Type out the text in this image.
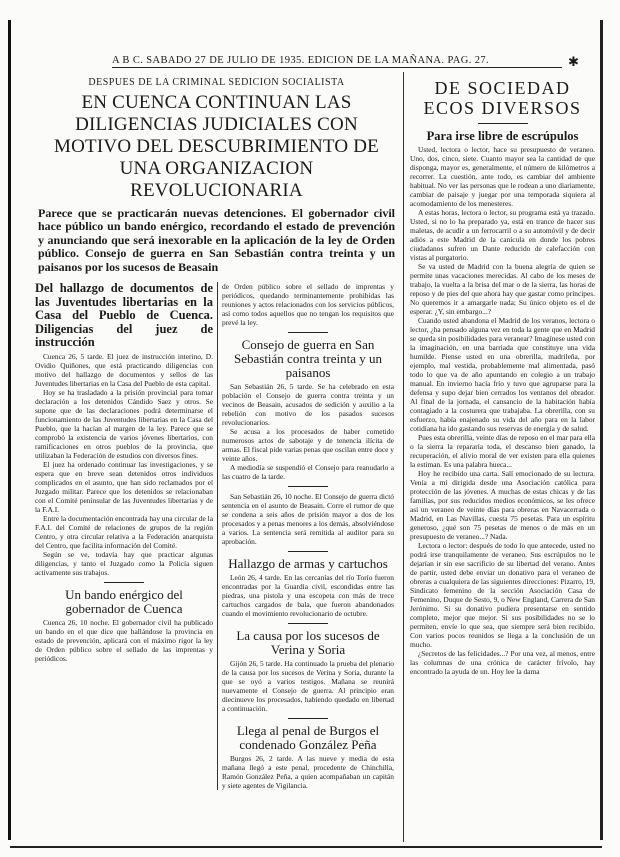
A B C. SABADO 27 DE JULIO DE 1935. EDICION DE LA MAÑANA. PAG. 27.	✱
DESPUES DE LA CRIMINAL SEDICION SOCIALISTA
EN CUENCA CONTINUAN LAS DILIGENCIAS JUDICIALES CON MOTIVO DEL DESCUBRIMIENTO DE UNA ORGANIZACION REVOLUCIONARIA
Parece que se practicarán nuevas detenciones. El gobernador civil hace público un bando enérgico, recordando el estado de prevención y anunciando que será inexorable en la aplicación de la ley de Orden público. Consejo de guerra en San Sebastián contra treinta y un paisanos por los sucesos de Beasain
Del hallazgo de documentos de las Juventudes libertarias en la Casa del Pueblo de Cuenca. Diligencias del juez de instrucción

Cuenca 26, 5 tarde. El juez de instrucción interino, D. Ovidio Quiñones, que está practicando diligencias con motivo del hallazgo de documentos y sellos de las Juventudes libertarias en la Casa del Pueblo de esta capital.

Hoy se ha trasladado a la prisión provincial para tomar declaración a los detenidos Cándido Saez y otros. Se supone que de las declaraciones podrá determinarse el funcionamiento de las Juventudes libertarias en la Casa del Pueblo, que la hacían al margen de la ley. Parece que se comprobó la existencia de varios jóvenes libertarios, con ramificaciones en otros pueblos de la provincia, que utilizaban la Federación de estudios con diversos fines.

El juez ha ordenado continuar las investigaciones, y se espera que en breve sean detenidos otros individuos complicados en el asunto, que han sido reclamados por el Juzgado militar. Parece que los detenidos se relacionaban con el Comité peninsular de las Juventudes libertarias y de la F.A.I.

Entre la documentación encontrada hay una circular de la F.A.I. del Comité de relaciones de grupos de la región Centro, y otra circular relativa a la Federación anarquista del Centro, que facilita información del Comité.

Según se ve, todavía hay que practicar algunas diligencias, y tanto el Juzgado como la Policía siguen activamente sus trabajos.

Un bando enérgico del gobernador de Cuenca

Cuenca 26, 10 noche. El gobernador civil ha publicado un bando en el que dice que hallándose la provincia en estado de prevención, aplicará con el máximo rigor la ley de Orden público sobre el sellado de las imprentas y periódicos.

de Orden público sobre el sellado de imprentas y periódicos, quedando terminantemente prohibidas las reuniones y actos relacionados con los servicios públicos, así como todos aquellos que no tengan los requisitos que prevé la ley.

Consejo de guerra en San Sebastián contra treinta y un paisanos

San Sebastián 26, 5 tarde. Se ha celebrado en esta población el Consejo de guerra contra treinta y un vecinos de Beasain, acusados de sedición y auxilio a la rebelión con motivo de los pasados sucesos revolucionarios.

Se acusa a los procesados de haber cometido numerosos actos de sabotaje y de tenencia ilícita de armas. El fiscal pide varias penas que oscilan entre doce y veinte años.

A mediodía se suspendió el Consejo para reanudarlo a las cuatro de la tarde.

San Sebastián 26, 10 noche. El Consejo de guerra dictó sentencia en el asunto de Beasain. Corre el rumor de que se condena a seis años de prisión mayor a dos de los procesados y a penas menores a los demás, absolviéndose a varios. La sentencia será remitida al auditor para su aprobación.

Hallazgo de armas y cartuchos

León 26, 4 tarde. En las cercanías del río Torío fueron encontradas por la Guardia civil, escondidas entre las piedras, una pistola y una escopeta con más de trece cartuchos cargados de bala, que fueron abandonados cuando el movimiento revolucionario de octubre.

La causa por los sucesos de Verina y Soria

Gijón 26, 5 tarde. Ha continuado la prueba del plenario de la causa por los sucesos de Verina y Soria, durante la que se oyó a varios testigos. Mañana se reunirá nuevamente el Consejo de guerra. Al principio eran diecinueve los procesados, habiendo quedado en libertad a continuación.

Llega al penal de Burgos el condenado González Peña

Burgos 26, 2 tarde. A las nueve y media de esta mañana llegó a este penal, procedente de Chinchilla, Ramón González Peña, a quien acompañaban un capitán y siete agentes de Vigilancia.

DE SOCIEDAD
ECOS DIVERSOS
Para irse libre de escrúpulos

Usted, lectora o lector, hace su presupuesto de veraneo. Uno, dos, cinco, siete. Cuanto mayor sea la cantidad de que disponga, mayor es, generalmente, el número de kilómetros a recorrer. La cuestión, ante todo, es cambiar del ambiente habitual. No ver las personas que le rodean a uno diariamente, cambiar de paisaje y juegar por una temporada siquiera al acomodamiento de los menesteres.

A estas horas, lectora o lector, su programa está ya trazado. Usted, si no lo ha preparado ya, está en trance de hacer sus maletas, de acudir a un ferrocarril o a su automóvil y de decir adiós a este Madrid de la canícula en donde los pobres ciudadanos sufren un Dante reducido de calefacción con vistas al purgatorio.

Se va usted de Madrid con la buena alegría de quien se permite unas vacaciones merecidas. Al cabo de los meses de trabajo, la vuelta a la brisa del mar o de la sierra, las horas de reposo y de pies del que ahora hay que gastar como príncipes. No queremos ir a amargarle nada; Su único objeto es el de esperar. ¿Y, sin embargo...?

Cuando usted abandona el Madrid de los veranos, lectora o lector, ¿ha pensado alguna vez en toda la gente que en Madrid se queda sin posibilidades para veranear? Imagínese usted con la imaginación, en una barriada que constituye una vida humilde. Piense usted en una obrerilla, madrileña, por ejemplo, mal vestida, probablemente mal alimentada, pasó todo lo que va de año apuntando en colegio a un trabajo manual. En invierno hacía frío y tuvo que agruparse para la defensa y supo dejar bien cerrados los ventanos del obrador. Al final de la jornada, el cansancio de la habitación había contagiado a la costurera que trabajaba. La obrerilla, con su esfuerzo, había enajenado su vida del año para en la labor cotidiana ha ido gastando sus reservas de energía y de salud.

Pues esta obrerilla, veinte días de reposo en el mar para ella o la sierra la repararía toda, el descanso bien ganado, la recuperación, el alivio moral de ver existen para ella quienes la estiman. Es una palabra hueca...

Hoy he recibido una carta. Salí emocionado de su lectura. Venía a mí dirigida desde una Asociación católica para protección de las jóvenes. A muchas de estas chicas y de las familias, por sus reducidos medios económicos, se les ofrece así un veraneo de veinte días para obreras en Navacerrada o Madrid, en Las Navillas, cuesta 75 pesetas. Para un espíritu generoso, ¿qué son 75 pesetas de menos o de más en un presupuesto de veraneo...? Nada.

Lectora o lector: después de todo lo que antecede, usted no podrá irse tranquilamente de veraneo. Sus escrúpulos no le dejarían ir sin ese sacrificio de su libertad del verano. Antes de partir, usted debe enviar un donativo para el veraneo de obreras a cualquiera de las siguientes direcciones: Pizarro, 19, Sindicato femenino de la sección Asociación Casa de Femenino, Duque de Sesto, 9, o New England, Carrera de San Jerónimo. Si su donativo pudiera presentarse en sentido completo, mejor que mejor. Si sus posibilidades no se lo permiten, envíe lo que sea, que siempre será bien recibido. Con varios pocos reunidos se llega a la conclusión de un mucho.

¿Secretos de las felicidades...? Por una vez, al menos, entre las columnas de una crónica de carácter frívolo, hay encontrado la ayuda de un. Hoy lee la dama
